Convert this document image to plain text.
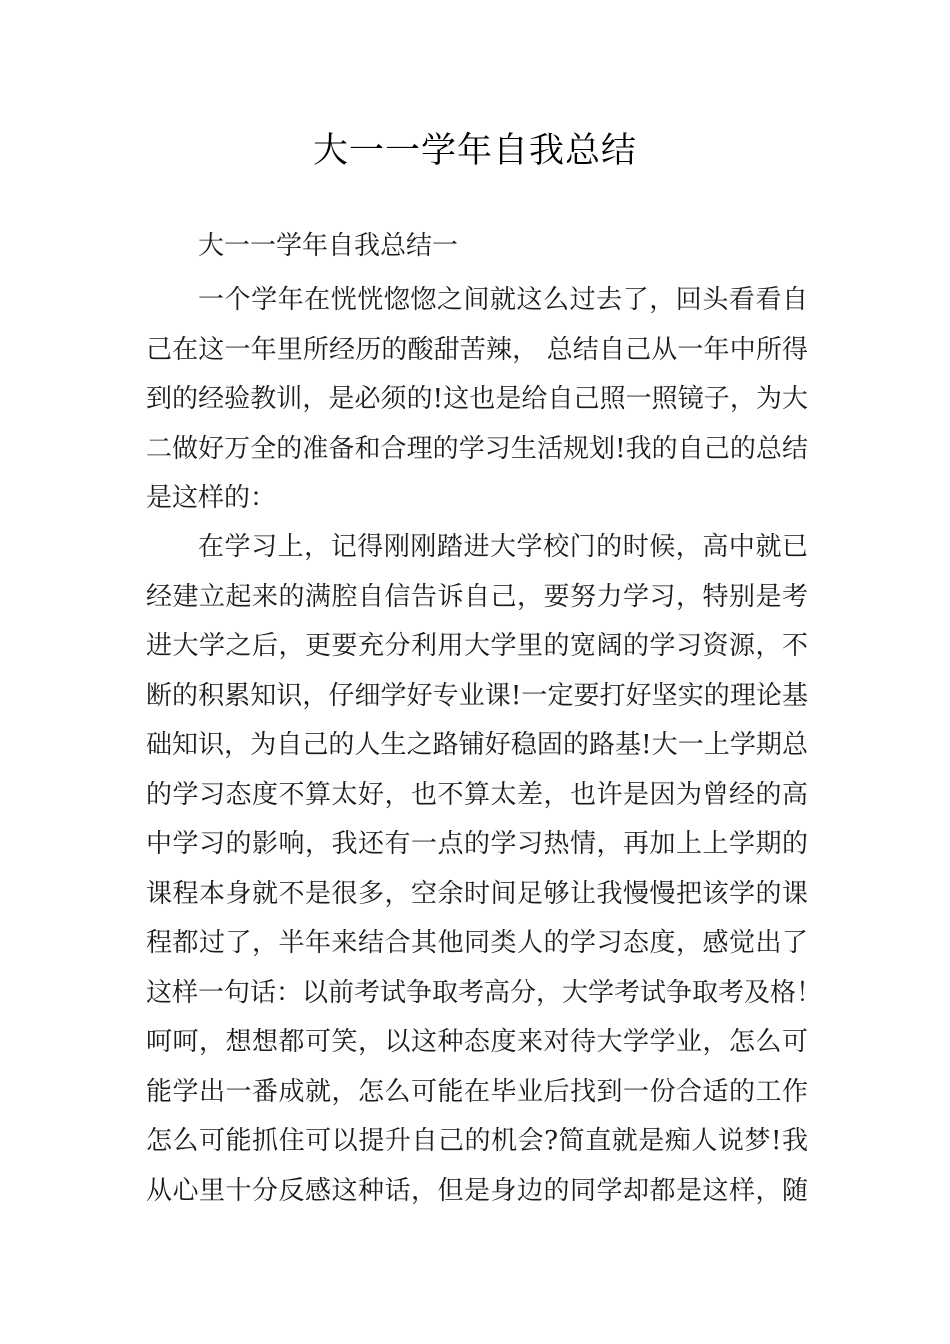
大一一学年自我总结
大一一学年自我总结一
一个学年在恍恍惚惚之间就这么过去了，回头看看自
己在这一年里所经历的酸甜苦辣， 总结自己从一年中所得
到的经验教训，是必须的!这也是给自己照一照镜子，为大
二做好万全的准备和合理的学习生活规划!我的自己的总结
是这样的：
在学习上，记得刚刚踏进大学校门的时候，高中就已
经建立起来的满腔自信告诉自己，要努力学习，特别是考
进大学之后，更要充分利用大学里的宽阔的学习资源，不
断的积累知识，仔细学好专业课!一定要打好坚实的理论基
础知识，为自己的人生之路铺好稳固的路基!大一上学期总
的学习态度不算太好，也不算太差，也许是因为曾经的高
中学习的影响，我还有一点的学习热情，再加上上学期的
课程本身就不是很多，空余时间足够让我慢慢把该学的课
程都过了，半年来结合其他同类人的学习态度，感觉出了
这样一句话：以前考试争取考高分，大学考试争取考及格！
呵呵，想想都可笑，以这种态度来对待大学学业，怎么可
能学出一番成就，怎么可能在毕业后找到一份合适的工作
怎么可能抓住可以提升自己的机会?简直就是痴人说梦!我
从心里十分反感这种话，但是身边的同学却都是这样，随
